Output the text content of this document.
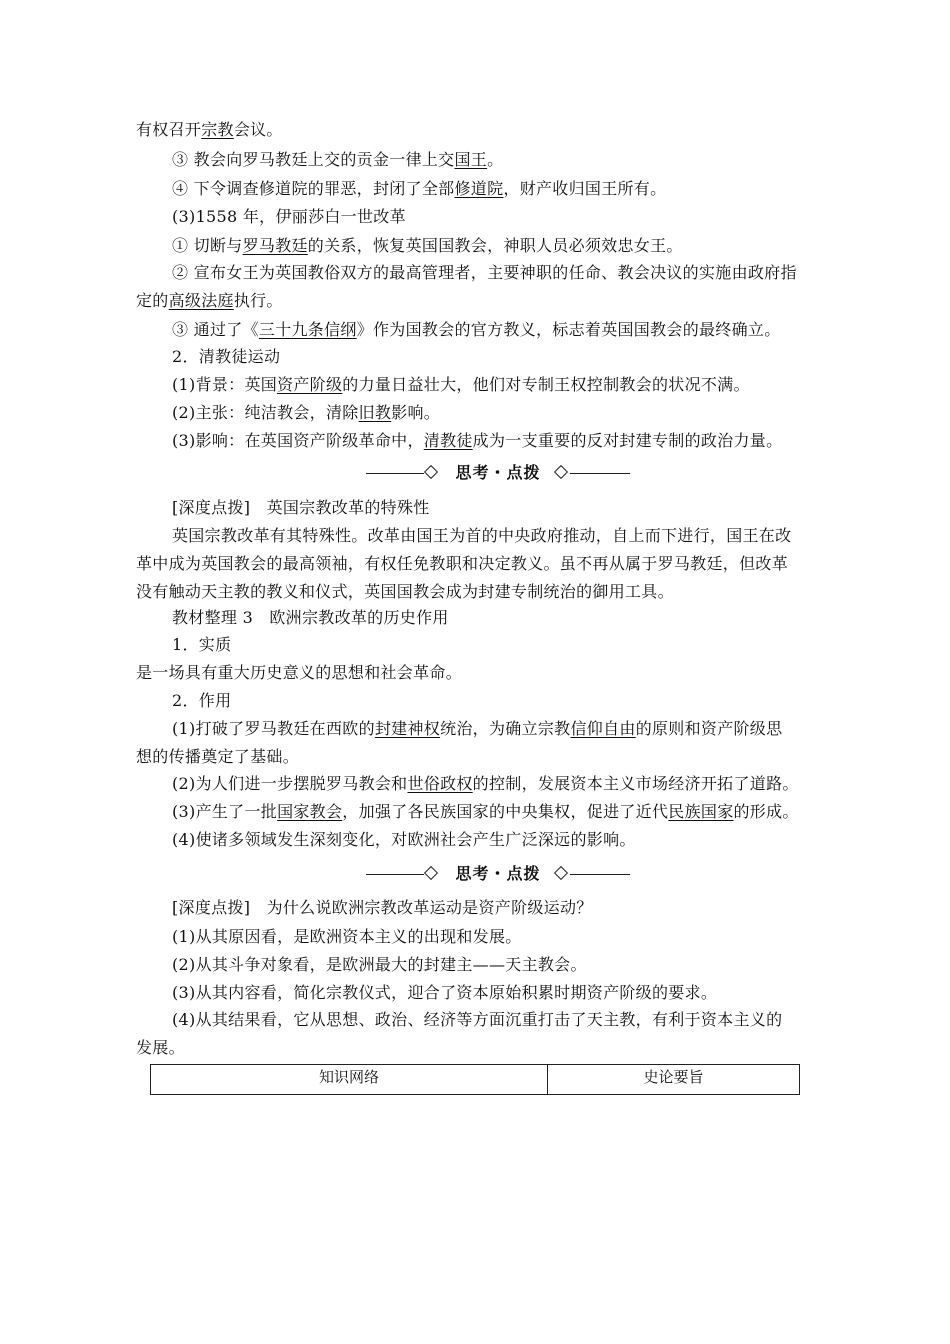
有权召开宗教会议。
③ 教会向罗马教廷上交的贡金一律上交国王。
④ 下令调查修道院的罪恶，封闭了全部修道院，财产收归国王所有。
(3)1558 年，伊丽莎白一世改革
① 切断与罗马教廷的关系，恢复英国国教会，神职人员必须效忠女王。
② 宣布女王为英国教俗双方的最高管理者，主要神职的任命、教会决议的实施由政府指
定的高级法庭执行。
③ 通过了《三十九条信纲》作为国教会的官方教义，标志着英国国教会的最终确立。
2．清教徒运动
(1)背景：英国资产阶级的力量日益壮大，他们对专制王权控制教会的状况不满。
(2)主张：纯洁教会，清除旧教影响。
(3)影响：在英国资产阶级革命中，清教徒成为一支重要的反对封建专制的政治力量。
思考・点拨
[深度点拨]　英国宗教改革的特殊性
英国宗教改革有其特殊性。改革由国王为首的中央政府推动，自上而下进行，国王在改
革中成为英国教会的最高领袖，有权任免教职和决定教义。虽不再从属于罗马教廷，但改革
没有触动天主教的教义和仪式，英国国教会成为封建专制统治的御用工具。
教材整理 3　欧洲宗教改革的历史作用
1．实质
是一场具有重大历史意义的思想和社会革命。
2．作用
(1)打破了罗马教廷在西欧的封建神权统治，为确立宗教信仰自由的原则和资产阶级思
想的传播奠定了基础。
(2)为人们进一步摆脱罗马教会和世俗政权的控制，发展资本主义市场经济开拓了道路。
(3)产生了一批国家教会，加强了各民族国家的中央集权，促进了近代民族国家的形成。
(4)使诸多领域发生深刻变化，对欧洲社会产生广泛深远的影响。
思考・点拨
[深度点拨]　为什么说欧洲宗教改革运动是资产阶级运动？
(1)从其原因看，是欧洲资本主义的出现和发展。
(2)从其斗争对象看，是欧洲最大的封建主——天主教会。
(3)从其内容看，简化宗教仪式，迎合了资本原始积累时期资产阶级的要求。
(4)从其结果看，它从思想、政治、经济等方面沉重打击了天主教，有利于资本主义的
发展。
知识网络	史论要旨
